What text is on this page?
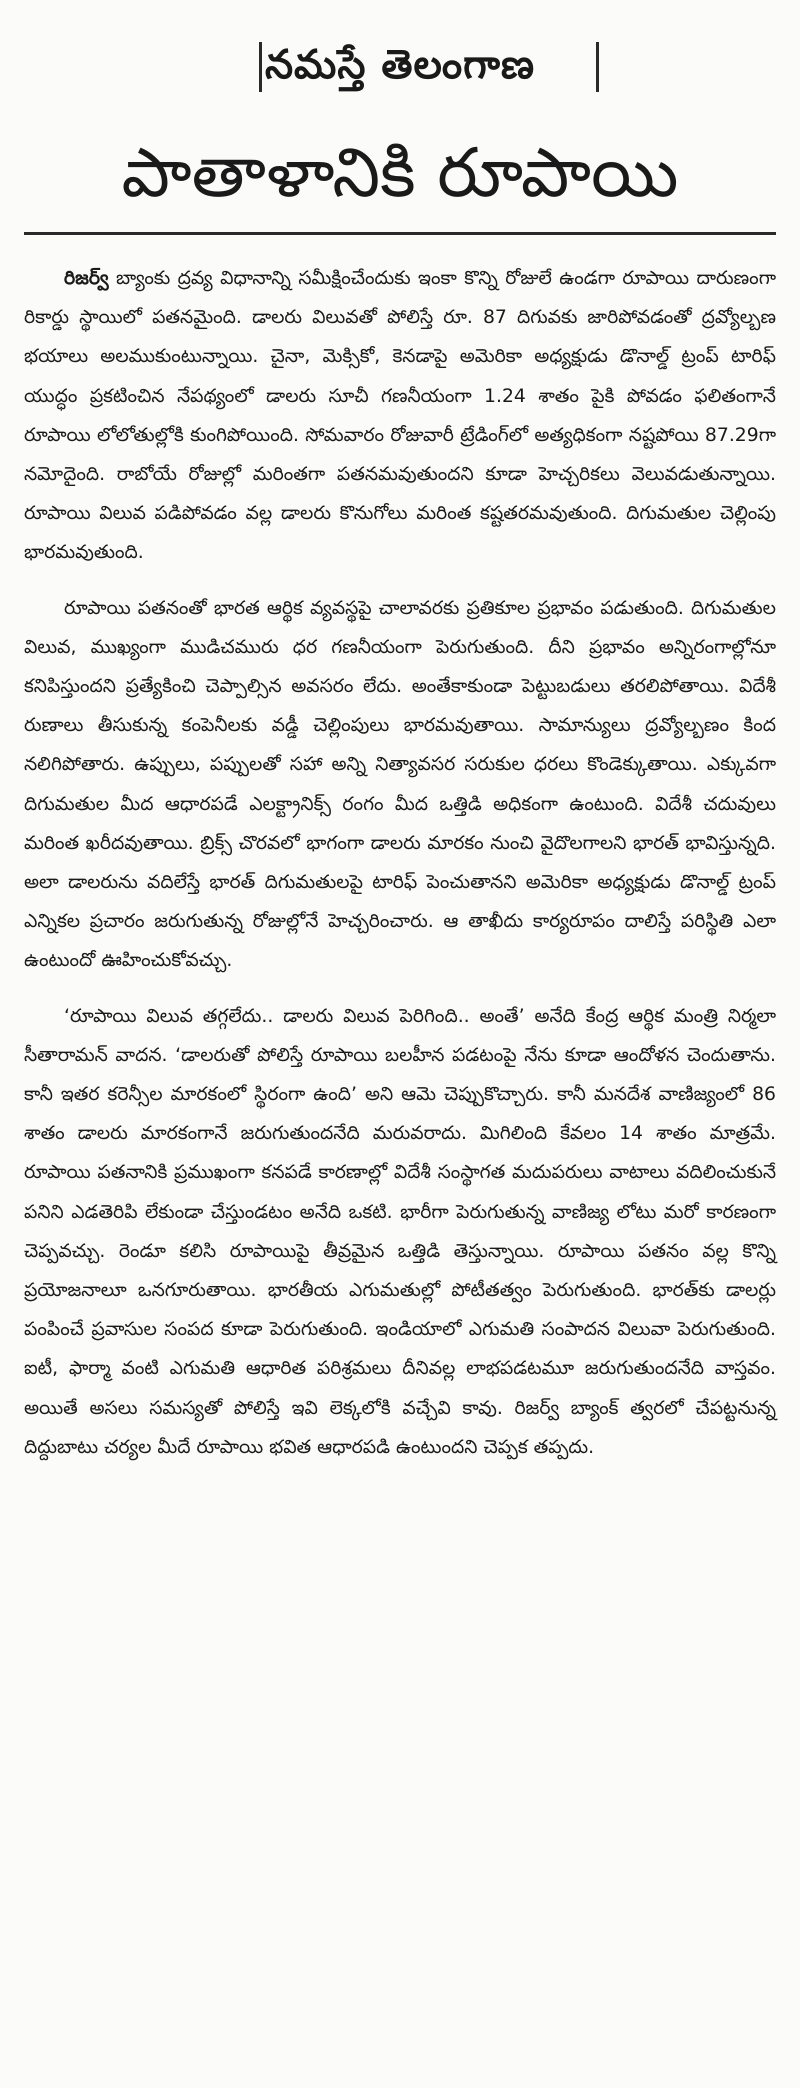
నమస్తే తెలంగాణ
పాతాళానికి రూపాయి

రిజర్వ్ బ్యాంకు ద్రవ్య విధానాన్ని సమీక్షించేందుకు ఇంకా కొన్ని రోజులే ఉండగా రూపాయి దారుణంగా రికార్డు స్థాయిలో పతనమైంది. డాలరు విలువతో పోలిస్తే రూ. 87 దిగువకు జారిపోవడంతో ద్రవ్యోల్బణ భయాలు అలముకుంటున్నాయి. చైనా, మెక్సికో, కెనడాపై అమెరికా అధ్యక్షుడు డొనాల్డ్ ట్రంప్ టారిఫ్ యుద్ధం ప్రకటించిన నేపథ్యంలో డాలరు సూచీ గణనీయంగా 1.24 శాతం పైకి పోవడం ఫలితంగానే రూపాయి లోలోతుల్లోకి కుంగిపోయింది. సోమవారం రోజువారీ ట్రేడింగ్‌లో అత్యధికంగా నష్టపోయి 87.29గా నమోదైంది. రాబోయే రోజుల్లో మరింతగా పతనమవుతుందని కూడా హెచ్చరికలు వెలువడుతున్నాయి. రూపాయి విలువ పడిపోవడం వల్ల డాలరు కొనుగోలు మరింత కష్టతరమవుతుంది. దిగుమతుల చెల్లింపు భారమవుతుంది.

రూపాయి పతనంతో భారత ఆర్థిక వ్యవస్థపై చాలావరకు ప్రతికూల ప్రభావం పడుతుంది. దిగుమతుల విలువ, ముఖ్యంగా ముడిచమురు ధర గణనీయంగా పెరుగుతుంది. దీని ప్రభావం అన్నిరంగాల్లోనూ కనిపిస్తుందని ప్రత్యేకించి చెప్పాల్సిన అవసరం లేదు. అంతేకాకుండా పెట్టుబడులు తరలిపోతాయి. విదేశీ రుణాలు తీసుకున్న కంపెనీలకు వడ్డీ చెల్లింపులు భారమవుతాయి. సామాన్యులు ద్రవ్యోల్బణం కింద నలిగిపోతారు. ఉప్పులు, పప్పులతో సహా అన్ని నిత్యావసర సరుకుల ధరలు కొండెక్కుతాయి. ఎక్కువగా దిగుమతుల మీద ఆధారపడే ఎలక్ట్రానిక్స్ రంగం మీద ఒత్తిడి అధికంగా ఉంటుంది. విదేశీ చదువులు మరింత ఖరీదవుతాయి. బ్రిక్స్ చొరవలో భాగంగా డాలరు మారకం నుంచి వైదొలగాలని భారత్ భావిస్తున్నది. అలా డాలరును వదిలేస్తే భారత్ దిగుమతులపై టారిఫ్ పెంచుతానని అమెరికా అధ్యక్షుడు డొనాల్డ్ ట్రంప్ ఎన్నికల ప్రచారం జరుగుతున్న రోజుల్లోనే హెచ్చరించారు. ఆ తాఖీదు కార్యరూపం దాలిస్తే పరిస్థితి ఎలా ఉంటుందో ఊహించుకోవచ్చు.

‘రూపాయి విలువ తగ్గలేదు.. డాలరు విలువ పెరిగింది.. అంతే’ అనేది కేంద్ర ఆర్థిక మంత్రి నిర్మలా సీతారామన్ వాదన. ‘డాలరుతో పోలిస్తే రూపాయి బలహీన పడటంపై నేను కూడా ఆందోళన చెందుతాను. కానీ ఇతర కరెన్సీల మారకంలో స్థిరంగా ఉంది’ అని ఆమె చెప్పుకొచ్చారు. కానీ మనదేశ వాణిజ్యంలో 86 శాతం డాలరు మారకంగానే జరుగుతుందనేది మరువరాదు. మిగిలింది కేవలం 14 శాతం మాత్రమే. రూపాయి పతనానికి ప్రముఖంగా కనపడే కారణాల్లో విదేశీ సంస్థాగత మదుపరులు వాటాలు వదిలించుకునే పనిని ఎడతెరిపి లేకుండా చేస్తుండటం అనేది ఒకటి. భారీగా పెరుగుతున్న వాణిజ్య లోటు మరో కారణంగా చెప్పవచ్చు. రెండూ కలిసి రూపాయిపై తీవ్రమైన ఒత్తిడి తెస్తున్నాయి. రూపాయి పతనం వల్ల కొన్ని ప్రయోజనాలూ ఒనగూరుతాయి. భారతీయ ఎగుమతుల్లో పోటీతత్వం పెరుగుతుంది. భారత్‌కు డాలర్లు పంపించే ప్రవాసుల సంపద కూడా పెరుగుతుంది. ఇండియాలో ఎగుమతి సంపాదన విలువా పెరుగుతుంది. ఐటీ, ఫార్మా వంటి ఎగుమతి ఆధారిత పరిశ్రమలు దీనివల్ల లాభపడటమూ జరుగుతుందనేది వాస్తవం. అయితే అసలు సమస్యతో పోలిస్తే ఇవి లెక్కలోకి వచ్చేవి కావు. రిజర్వ్ బ్యాంక్ త్వరలో చేపట్టనున్న దిద్దుబాటు చర్యల మీదే రూపాయి భవిత ఆధారపడి ఉంటుందని చెప్పక తప్పదు.
